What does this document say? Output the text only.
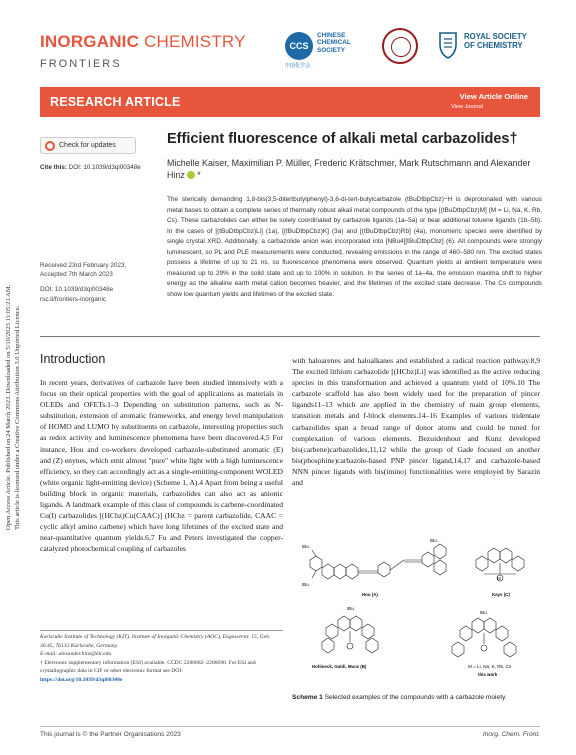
Open Access Article. Published on 24 March 2023. Downloaded on 5/10/2023 11:05:21 AM. This article is licensed under a Creative Commons Attribution 3.0 Unported Licence.
INORGANIC CHEMISTRY
FRONTIERS
CCS
CHINESE
CHEMICAL
SOCIETY
中国化学会
ROYAL SOCIETY
OF CHEMISTRY
RESEARCH ARTICLE	View Article Online
View Journal
Check for updates
Cite this: DOI: 10.1039/d3qi00348e
Efficient fluorescence of alkali metal carbazolides†
Michelle Kaiser, Maximilian P. Müller, Frederic Krätschmer, Mark Rutschmann and Alexander Hinz *
The sterically demanding 1,8-bis(3,5-ditertbutylphenyl)-3,6-di-tert-butylcarbazole (tBuDtbpCbz)−H is deprotonated with various metal bases to obtain a complete series of thermally robust alkali metal compounds of the type [(tBuDtbpCbz)M] (M = Li, Na, K, Rb, Cs). These carbazolides can either be solely coordinated by carbazole ligands (1a–5a) or bear additional toluene ligands (1b–5b). In the cases of [(tBuDtbpCbz)Li] (1a), [(tBuDtbpCbz)K] (3a) and [(tBuDtbpCbz)Rb] (4a), monomeric species were identified by single crystal XRD. Additionally, a carbazolide anion was incorporated into [NBu4][tBuDtbpCbz] (6). All compounds were strongly luminescent, so PL and PLE measurements were conducted, revealing emissions in the range of 460–580 nm. The excited states possess a lifetime of up to 21 ns, so fluorescence phenomena were observed. Quantum yields at ambient temperature were measured up to 29% in the solid state and up to 100% in solution. In the series of 1a–4a, the emission maxima shift to higher energy as the alkaline earth metal cation becomes heavier, and the lifetimes of the excited state decrease. The Cs compounds show low quantum yields and lifetimes of the excited state.
Received 23rd February 2023,
Accepted 7th March 2023
DOI: 10.1039/d3qi00348e
rsc.li/frontiers-inorganic
Introduction
In recent years, derivatives of carbazole have been studied intensively with a focus on their optical properties with the goal of applications as materials in OLEDs and OFETs.1–3 Depending on substitution patterns, such as N-substitution, extension of aromatic frameworks, and energy level manipulation of HOMO and LUMO by substituents on carbazole, interesting properties such as redox activity and luminescence phenomena have been discovered.4,5 For instance, Hou and co-workers developed carbazole-substituted aromatic (E) and (Z) enynes, which emit almost "pure" white light with a high luminescence efficiency, so they can accordingly act as a single-emitting-component WOLED (white organic light-emitting device) (Scheme 1, A).4 Apart from being a useful building block in organic materials, carbazolides can also act as anionic ligands. A landmark example of this class of compounds is carbene-coordinated Cu(I) carbazolides [(HCbz)Cu(CAAC)] (HCbz = parent carbazolide, CAAC = cyclic alkyl amino carbene) which have long lifetimes of the excited state and near-quantitative quantum yields.6,7 Fu and Peters investigated the copper-catalyzed photochemical coupling of carbazoles
with haloarenes and haloalkanes and established a radical reaction pathway.8,9 The excited lithium carbazolide [(HCbz)Li] was identified as the active reducing species in this transformation and achieved a quantum yield of 10%.10 The carbazole scaffold has also been widely used for the preparation of pincer ligands11–13 which are applied in the chemistry of main group elements, transition metals and f-block elements.14–16 Examples of various tridentate carbazolides span a broad range of donor atoms and could be tuned for complexation of various elements. Bezuidenhout and Kunz developed bis(carbene)carbazolides,11,12 while the group of Gade focused on another bis(phosphine)carbazole-based PNP pincer ligand,14,17 and carbazole-based NNN pincer ligands with bis(imino) functionalities were employed by Sarazin and
Karlsruhe Institute of Technology (KIT), Institute of Inorganic Chemistry (AOC), Engesserstr. 15, Geb. 30.45, 76131 Karlsruhe, Germany.
E-mail: alexander.hinz@kit.edu
† Electronic supplementary information (ESI) available. CCDC 2206682–2206690. For ESI and crystallographic data in CIF or other electronic format see DOI:
https://doi.org/10.1039/d3qi00348e
tBu
tBu
tBu
Hou (A)
M
Kays (C)
tBu
Hohlneck, Guldi, Munz (B)
tBu
M = Li, Na, K, Rb, Cs
this work
Scheme 1 Selected examples of the compounds with a carbazole moiety.
This journal is © the Partner Organisations 2023	Inorg. Chem. Front.
